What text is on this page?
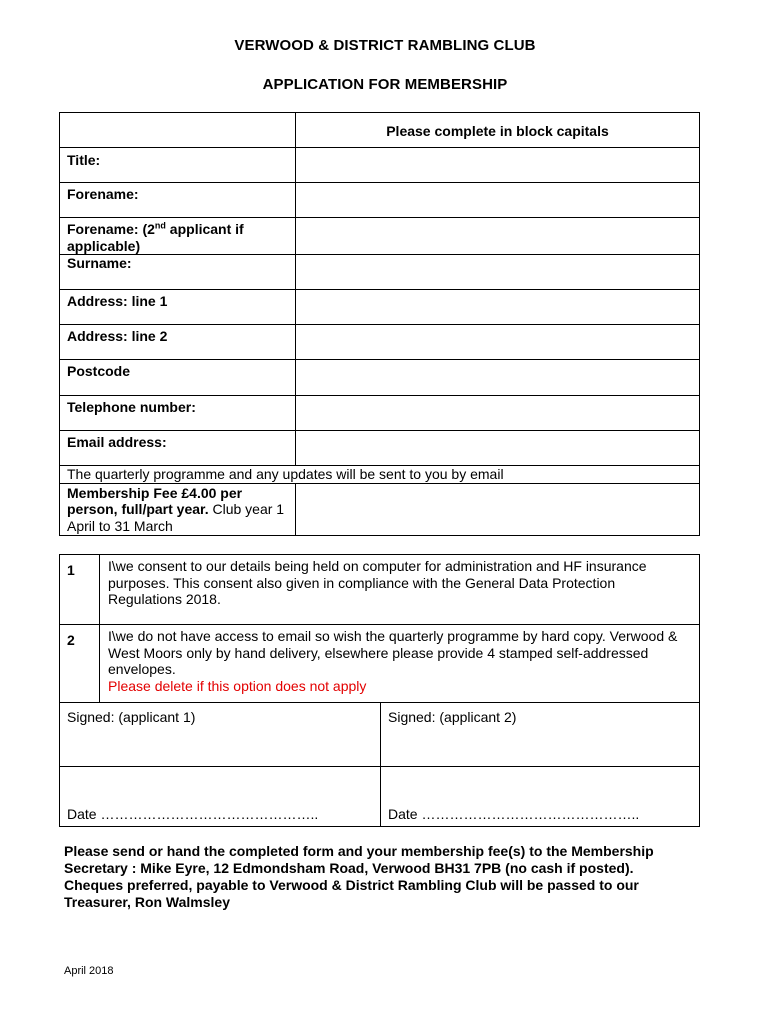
VERWOOD & DISTRICT RAMBLING CLUB
APPLICATION FOR MEMBERSHIP
	Please complete in block capitals
Title:	
Forename:	
Forename: (2nd applicant if applicable)	
Surname:	
Address: line 1	
Address: line 2	
Postcode	
Telephone number:	
Email address:	
The quarterly programme and any updates will be sent to you by email	
Membership Fee £4.00 per person, full/part year. Club year 1 April to 31 March	
1	I\we consent to our details being held on computer for administration and HF insurance purposes. This consent also given in compliance with the General Data Protection Regulations 2018.	
2	I\we do not have access to email so wish the quarterly programme by hard copy. Verwood & West Moors only by hand delivery, elsewhere please provide 4 stamped self-addressed envelopes.
Please delete if this option does not apply	

Signed: (applicant 1)		Signed: (applicant 2)
Date ………………………………………..		Date ………………………………………..
Please send or hand the completed form and your membership fee(s) to the Membership Secretary : Mike Eyre, 12 Edmondsham Road, Verwood BH31 7PB (no cash if posted).
Cheques preferred, payable to Verwood & District Rambling Club will be passed to our Treasurer, Ron Walmsley
April 2018
